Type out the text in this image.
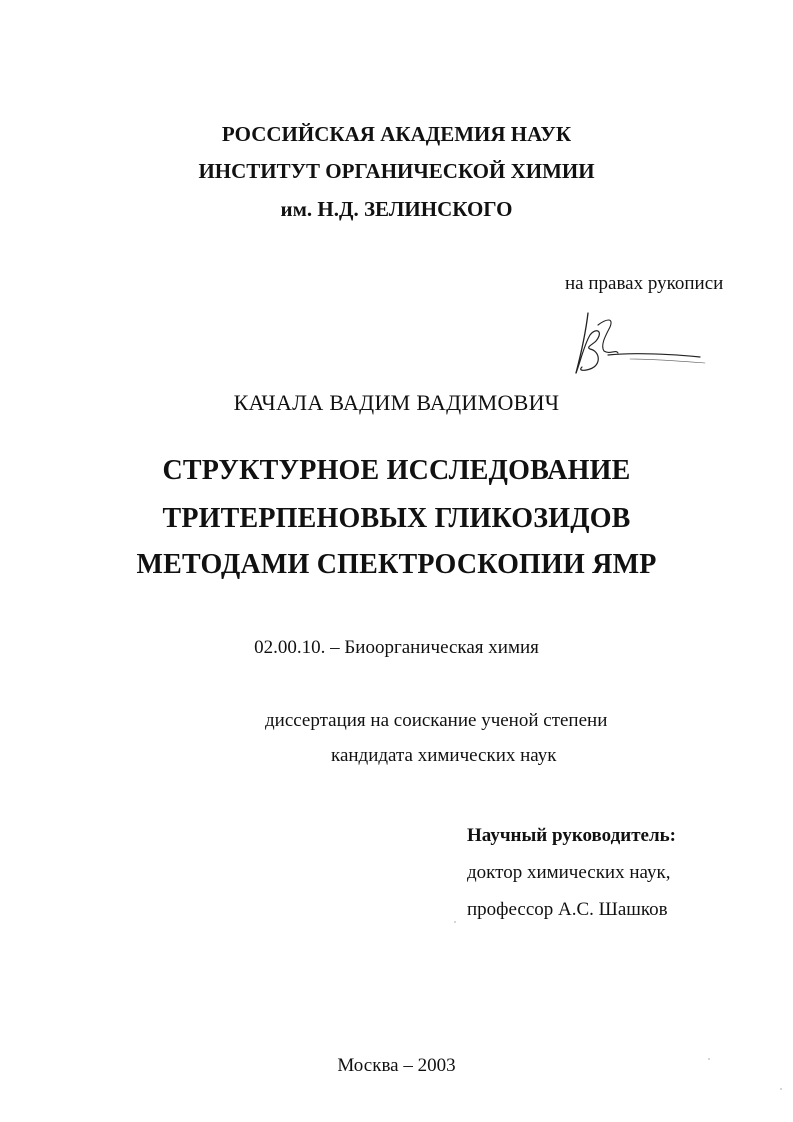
РОССИЙСКАЯ АКАДЕМИЯ НАУК
ИНСТИТУТ ОРГАНИЧЕСКОЙ ХИМИИ
им. Н.Д. ЗЕЛИНСКОГО
на правах рукописи
КАЧАЛА ВАДИМ ВАДИМОВИЧ
СТРУКТУРНОЕ ИССЛЕДОВАНИЕ
ТРИТЕРПЕНОВЫХ ГЛИКОЗИДОВ
МЕТОДАМИ СПЕКТРОСКОПИИ ЯМР
02.00.10. – Биоорганическая химия
диссертация на соискание ученой степени
кандидата химических наук
Научный руководитель:
доктор химических наук,
профессор А.С. Шашков
Москва – 2003
